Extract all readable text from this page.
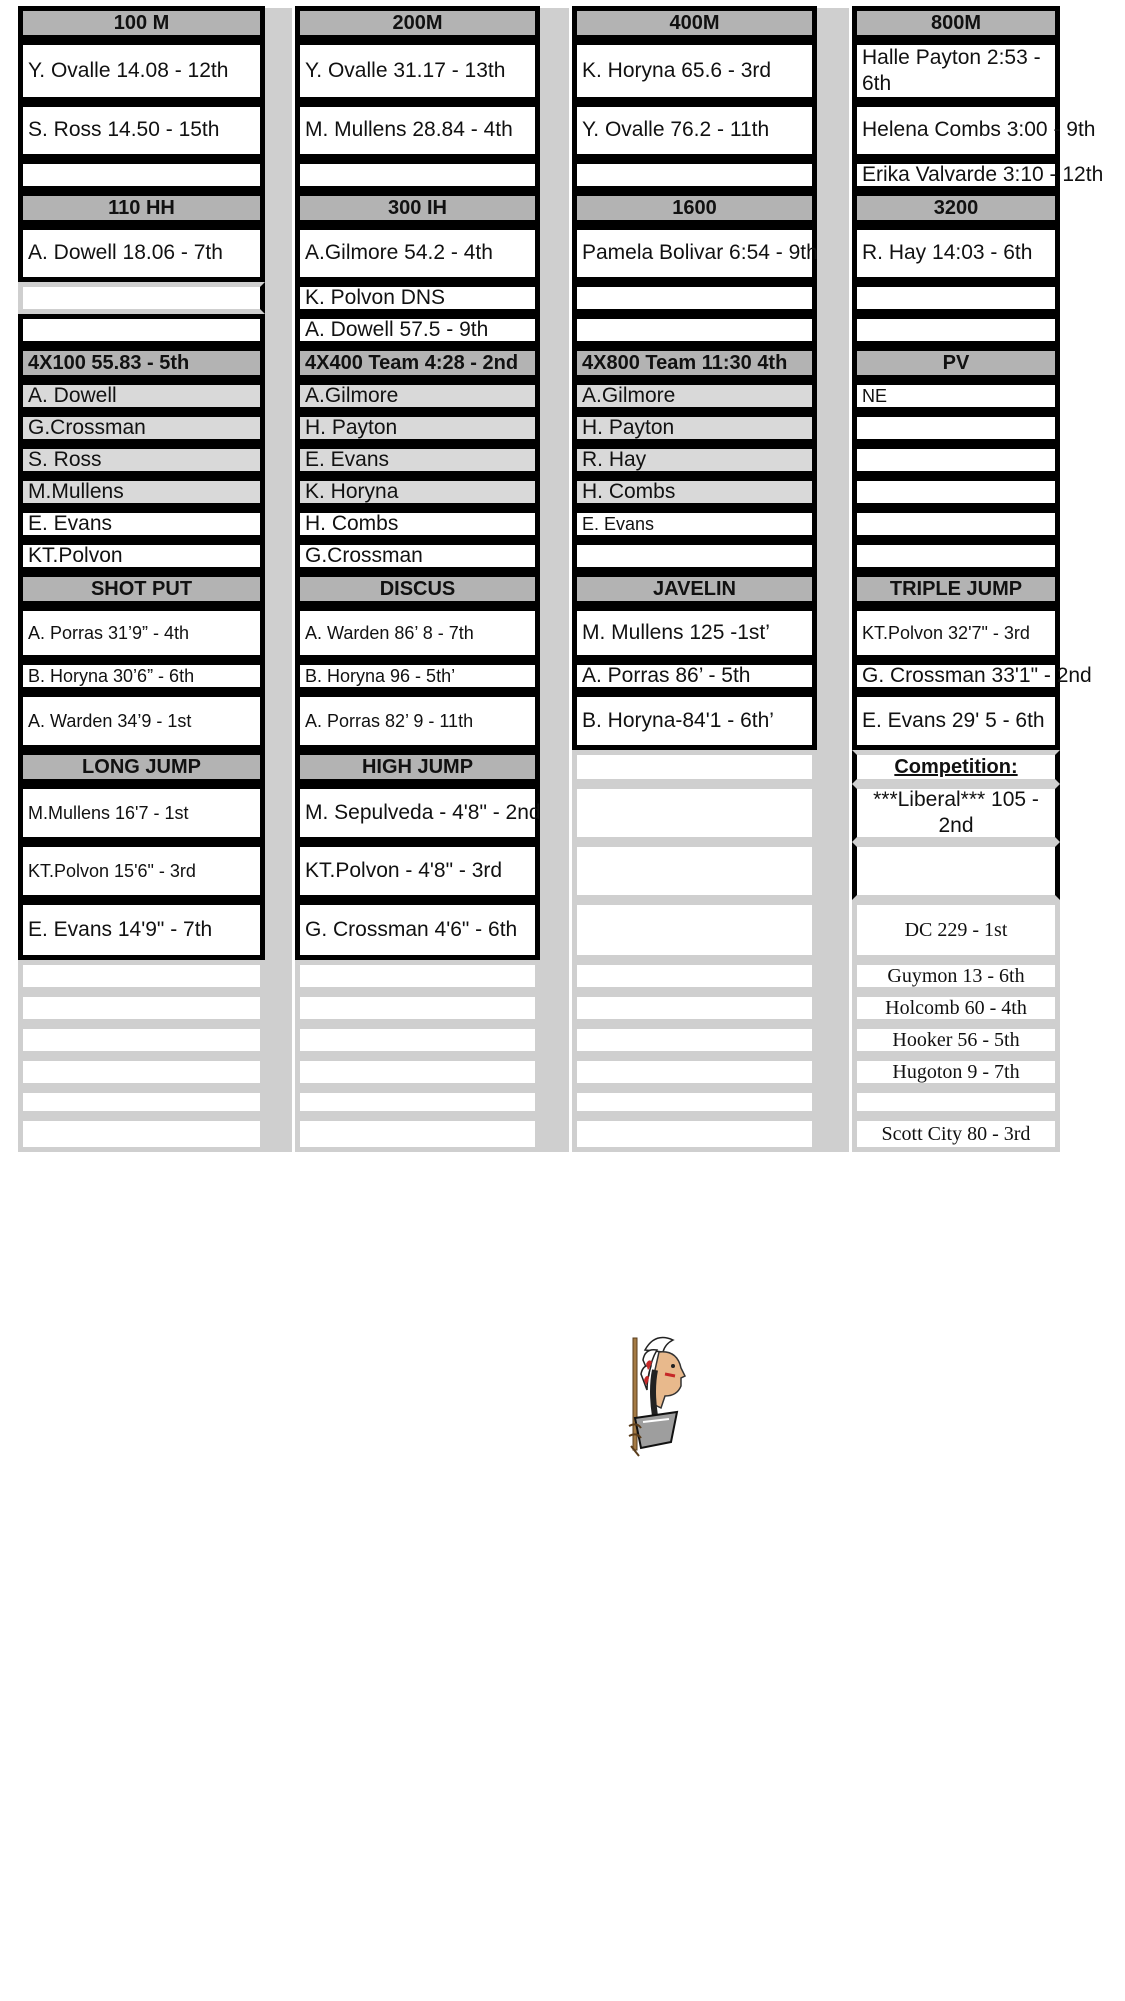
100 M
Y. Ovalle 14.08 - 12th
S. Ross 14.50 - 15th
110 HH
A. Dowell 18.06 - 7th
4X100 55.83 - 5th
A. Dowell
G.Crossman
S. Ross
M.Mullens
E. Evans
KT.Polvon
SHOT PUT
A. Porras 31’9” - 4th
B. Horyna 30’6” - 6th
A. Warden 34’9 - 1st
LONG JUMP
M.Mullens 16'7 - 1st
KT.Polvon 15'6" - 3rd
E. Evans 14'9" - 7th
200M
Y. Ovalle 31.17 - 13th
M. Mullens 28.84 - 4th
300 IH
A.Gilmore 54.2 - 4th
K. Polvon DNS
A. Dowell 57.5 - 9th
4X400 Team 4:28 - 2nd
A.Gilmore
H. Payton
E. Evans
K. Horyna
H. Combs
G.Crossman
DISCUS
A. Warden 86’ 8 - 7th
B. Horyna 96 - 5th’
A. Porras 82’ 9 - 11th
HIGH JUMP
M. Sepulveda - 4'8" - 2nd
KT.Polvon - 4'8" - 3rd
G. Crossman 4'6" - 6th
400M
K. Horyna 65.6 - 3rd
Y. Ovalle 76.2 - 11th
1600
Pamela Bolivar 6:54 - 9th
4X800 Team 11:30 4th
A.Gilmore
H. Payton
R. Hay
H. Combs
E. Evans
JAVELIN
M. Mullens 125 -1st’
A. Porras 86’ - 5th
B. Horyna-84'1 - 6th’
800M
Halle Payton 2:53 - 6th
Helena Combs 3:00 - 9th
Erika Valvarde 3:10 - 12th
3200
R. Hay 14:03 - 6th
PV
NE
TRIPLE JUMP
KT.Polvon 32'7" - 3rd
G. Crossman 33'1" - 2nd
E. Evans 29' 5 - 6th
Competition:
***Liberal*** 105 - 2nd
DC 229 - 1st
Guymon 13 - 6th
Holcomb 60 - 4th
Hooker 56 - 5th
Hugoton 9 - 7th
Scott City 80 - 3rd
